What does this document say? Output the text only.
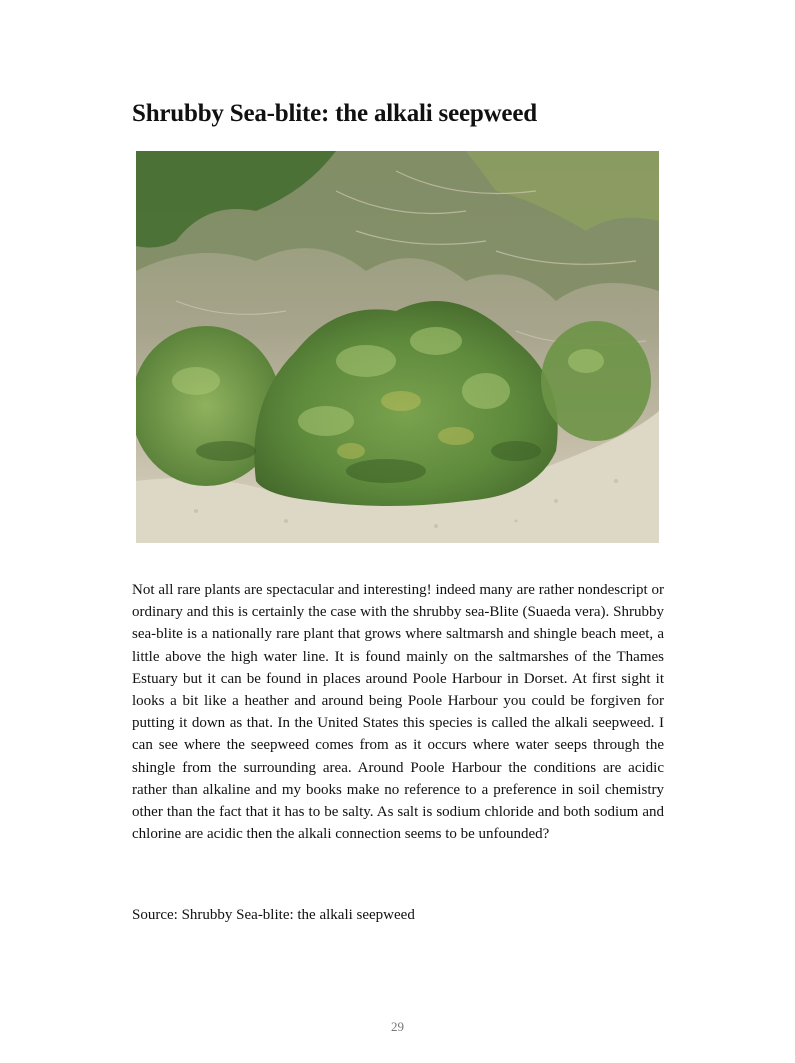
Shrubby Sea-blite: the alkali seepweed

Not all rare plants are spectacular and interesting! indeed many are rather nondescript or ordinary and this is certainly the case with the shrubby sea-Blite (Suaeda vera). Shrubby sea-blite is a nationally rare plant that grows where saltmarsh and shingle beach meet, a little above the high water line. It is found mainly on the saltmarshes of the Thames Estuary but it can be found in places around Poole Harbour in Dorset. At first sight it looks a bit like a heather and around being Poole Harbour you could be forgiven for putting it down as that. In the United States this species is called the alkali seepweed. I can see where the seepweed comes from as it occurs where water seeps through the shingle from the surrounding area. Around Poole Harbour the conditions are acidic rather than alkaline and my books make no reference to a preference in soil chemistry other than the fact that it has to be salty. As salt is sodium chloride and both sodium and chlorine are acidic then the alkali connection seems to be unfounded?

Source: Shrubby Sea-blite: the alkali seepweed

29
